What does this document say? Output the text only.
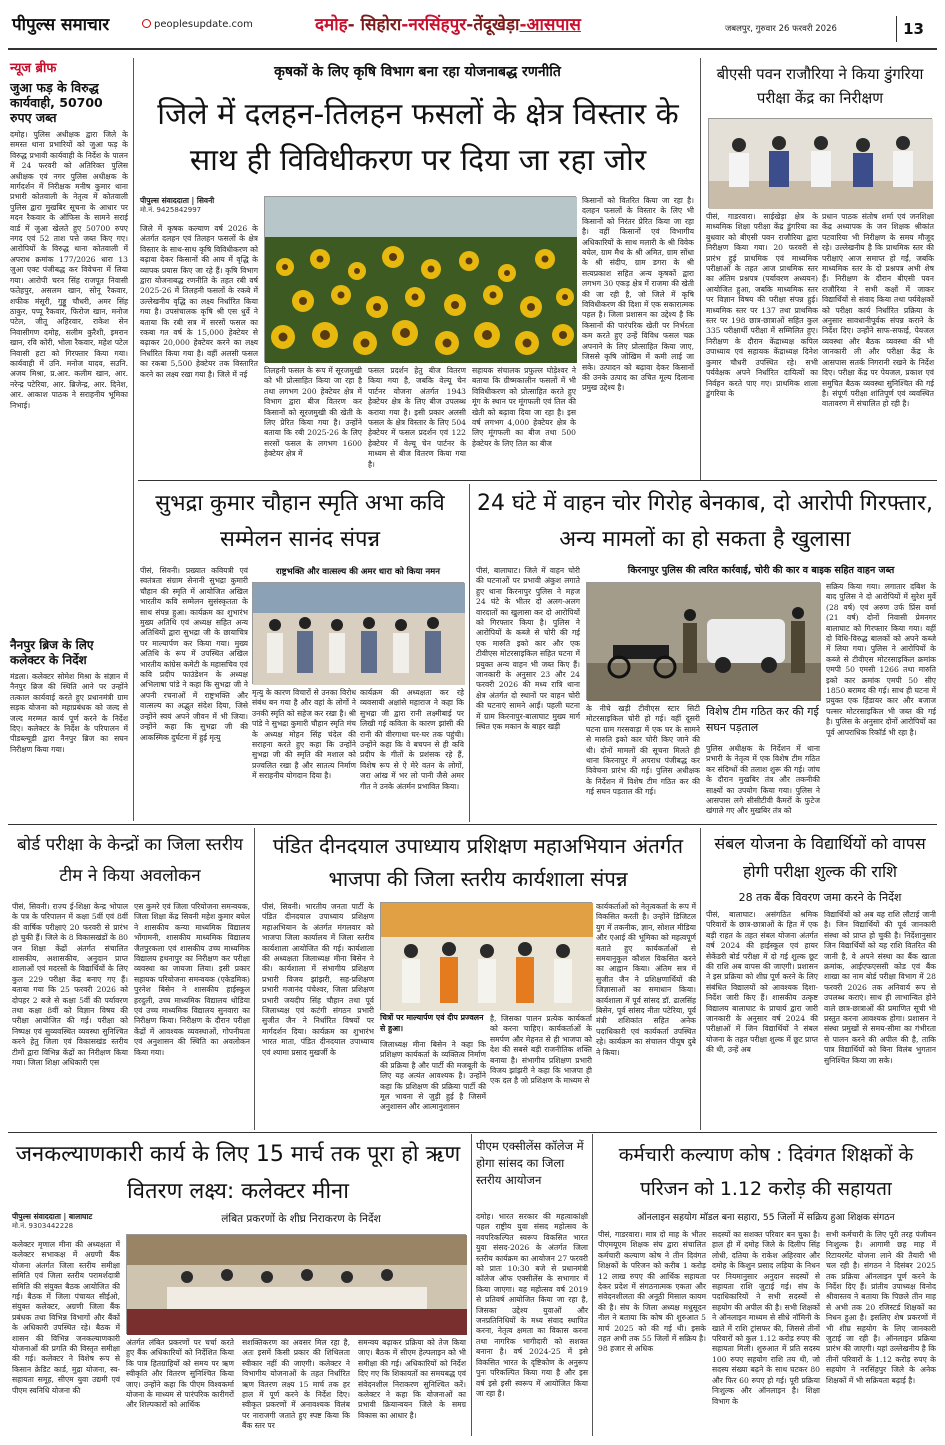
पीपुल्स समाचार	peoplesupdate.com	दमोह- सिहोरा-नरसिंहपुर-तेंदूखेड़ा-आसपास	जबलपुर, गुरुवार 26 फरवरी 2026	13
न्यूज ब्रीफ
जुआ फड़ के विरुद्ध कार्यवाही, 50700 रुपए जब्त
दमोह। पुलिस अधीक्षक द्वारा जिले के समस्त थाना प्रभारियों को जुआ फड़ के विरुद्ध प्रभावी कार्यवाही के निर्देश के पालन में 24 फरवरी को अतिरिक्त पुलिस अधीक्षक एवं नगर पुलिस अधीक्षक के मार्गदर्शन में निरीक्षक मनीष कुमार थाना प्रभारी कोतवाली के नेतृत्व में कोतवाली पुलिस द्वारा मुखबिर सूचना के आधार पर मदन रैकवार के ऑफिस के सामने सराई वार्ड में जुआ खेलते हुए 50700 रुपए नगद एवं 52 ताश पत्ते जब्त किए गए। आरोपियों के विरुद्ध थाना कोतवाली में अपराध क्रमांक 177/2026 धारा 13 जुआ एक्ट पंजीबद्ध कर विवेचना में लिया गया। आरोपी चरन सिंह राजपूत निवासी फतेहपुर, असलम खान, सोनू रैकवार, शफीक मंसूरी, गुड्डू चौधरी, अमर सिंह ठाकुर, पप्पू रैकवार, फिरोज खान, मनोज पटेल, जीतू अहिरवार, राकेश सेन निवासीगण दमोह, सलीम कुरैशी, इमरान खान, रवि कोरी, भोला रैकवार, महेश पटेल निवासी हटा को गिरफ्तार किया गया। कार्यवाही में उनि. मनोज यादव, सउनि. अजय मिश्रा, प्र.आर. कलीम खान, आर. नरेन्द्र पटेरिया, आर. ब्रिजेन्द्र, आर. दिनेश, आर. आकाश पाठक ने सराहनीय भूमिका निभाई।
नैनपुर ब्रिज के लिए कलेक्टर के निर्देश
मंडला। कलेक्टर सोमेश मिश्रा के संज्ञान में नैनपुर ब्रिज की स्थिति आने पर उन्होंने तत्काल कार्यवाई करते हुए प्रधानमंत्री ग्राम सड़क योजना को महाप्रबंधक को जल्द से जल्द मरम्मत कार्य पूर्ण करने के निर्देश दिए। कलेक्टर के निर्देश के परिपालन में पीडब्ल्यूडी द्वारा नैनपुर ब्रिज का सघन निरीक्षण किया गया।
कृषकों के लिए कृषि विभाग बना रहा योजनाबद्ध रणनीति
जिले में दलहन-तिलहन फसलों के क्षेत्र विस्तार के साथ ही विविधीकरण पर दिया जा रहा जोर
पीपुल्स संवाददाता | सिवनी
मो.नं. 9425842997
जिले में कृषक कल्याण वर्ष 2026 के अंतर्गत दलहन एवं तिलहन फसलों के क्षेत्र विस्तार के साथ-साथ कृषि विविधीकरण को बढ़ावा देकर किसानों की आय में वृद्धि के व्यापक प्रयास किए जा रहे हैं। कृषि विभाग द्वारा योजनाबद्ध रणनीति के तहत रबी वर्ष 2025-26 में तिलहनी फसलों के रकबे में उल्लेखनीय वृद्धि का लक्ष्य निर्धारित किया गया है। उपसंचालक कृषि श्री एस धुर्वे ने बताया कि रबी सत्र में सरसों फसल का रकबा गत वर्ष के 15,000 हेक्टेयर से बढ़ाकर 20,000 हेक्टेयर करने का लक्ष्य निर्धारित किया गया है। वहीं अलसी फसल का रकबा 5,500 हेक्टेयर तक विस्तारित करने का लक्ष्य रखा गया है। जिले में नई	तिलहनी फसल के रूप में सूरजमुखी को भी प्रोत्साहित किया जा रहा है तथा लगभग 200 हेक्टेयर क्षेत्र में विभाग द्वारा बीज वितरण कर किसानों को सूरजमुखी की खेती के लिए प्रेरित किया गया है। उन्होंने बताया कि रबी 2025-26 के लिए सरसों फसल के लगभग 1600 हेक्टेयर क्षेत्र में
फसल प्रदर्शन हेतु बीज वितरण किया गया है, जबकि वेल्यू चेन पार्टनर योजना अंतर्गत 1943 हेक्टेयर क्षेत्र के लिए बीज उपलब्ध कराया गया है। इसी प्रकार अलसी फसल के क्षेत्र विस्तार के लिए 504 हेक्टेयर में फसल प्रदर्शन एवं 122 हेक्टेयर में वेल्यू चेन पार्टनर के माध्यम से बीज वितरण किया गया है।
सहायक संचालक प्रफुल्ल घोड़ेश्वर ने बताया कि ग्रीष्मकालीन फसलों में भी विविधीकरण को प्रोत्साहित करते हुए मूंग के स्थान पर मूंगफली एवं तिल की खेती को बढ़ावा दिया जा रहा है। इस वर्ष लगभग 4,000 हेक्टेयर क्षेत्र के लिए मूंगफली का बीज तथा 500 हेक्टेयर के लिए तिल का बीज
किसानों को वितरित किया जा रहा है। दलहन फसलों के विस्तार के लिए भी किसानों को निरंतर प्रेरित किया जा रहा है। वहीं किसानों एवं विभागीय अधिकारियों के साथ मलारी के श्री विवेक बघेल, ग्राम मैथ के श्री अमित, ग्राम सोंधा के श्री संदीप, ग्राम डगरा के श्री सत्यप्रकाश सहित अन्य कृषकों द्वारा लगभग 30 एकड़ क्षेत्र में राजमा की खेती की जा रही है, जो जिले में कृषि विविधीकरण की दिशा में एक सकारात्मक पहल है। जिला प्रशासन का उद्देश्य है कि किसानों की पारंपरिक खेती पर निर्भरता कम करते हुए उन्हें विविध फसल चक्र अपनाने के लिए प्रोत्साहित किया जाए, जिससे कृषि जोखिम में कमी लाई जा सके। उत्पादन को बढ़ावा देकर किसानों की उनके उत्पाद का उचित मूल्य दिलाना प्रमुख उद्देश्य है।
बीएसी पवन राजौरिया ने किया डुंगरिया परीक्षा केंद्र का निरीक्षण
पीसं, गाडरवारा। साईखेड़ा क्षेत्र के माध्यमिक शिक्षा परीक्षा केंद्र डुंगरिया का बुधवार को बीएसी पवन राजौरिया द्वारा निरीक्षण किया गया। 20 फरवरी से प्रारंभ हुई प्राथमिक एवं माध्यमिक परीक्षाओं के तहत आज प्राथमिक स्तर का अंतिम प्रश्नपत्र (पर्यावरण अध्ययन) आयोजित हुआ, जबकि माध्यमिक स्तर पर विज्ञान विषय की परीक्षा संपन्न हुई। माध्यमिक स्तर पर 137 तथा प्राथमिक स्तर पर 198 छात्र-छात्राओं सहित कुल 335 परीक्षार्थी परीक्षा में सम्मिलित हुए। निरीक्षण के दौरान केंद्राध्यक्ष कपिल उपाध्याय एवं सहायक केंद्राध्यक्ष दिनेश कुमार चौधरी उपस्थित रहे। सभी पर्यवेक्षक अपने निर्धारित दायित्वों का निर्वहन करते पाए गए। प्राथमिक शाला डुंगरिया के
प्रधान पाठक संतोष शर्मा एवं जनशिक्षा केंद्र अध्यापक के जन शिक्षक श्रीकांत पटवारिया भी निरीक्षण के समय मौजूद रहे। उल्लेखनीय है कि प्राथमिक स्तर की परीक्षाएं आज समाप्त हो गईं, जबकि माध्यमिक स्तर के दो प्रश्नपत्र अभी शेष हैं। निरीक्षण के दौरान बीएसी पवन राजौरिया ने सभी कक्षों में जाकर विद्यार्थियों से संवाद किया तथा पर्यवेक्षकों को परीक्षा कार्य निर्धारित प्रक्रिया के अनुसार सावधानीपूर्वक संपन्न कराने के निर्देश दिए। उन्होंने साफ-सफाई, पेयजल व्यवस्था और बैठक व्यवस्था की भी जानकारी ली और परीक्षा केंद्र के आसपास सतर्क निगरानी रखने के निर्देश दिए। परीक्षा केंद्र पर पेयजल, प्रकाश एवं समुचित बैठक व्यवस्था सुनिश्चित की गई है। संपूर्ण परीक्षा शांतिपूर्ण एवं व्यवस्थित वातावरण में संचालित हो रही है।
सुभद्रा कुमार चौहान स्मृति अभा कवि सम्मेलन सानंद संपन्न
पीसं, सिवनी। प्रख्यात कवियत्री एवं स्वतंत्रता संग्राम सेनानी सुभद्रा कुमारी चौहान की स्मृति में आयोजित अखिल भारतीय कवि सम्मेलन सुसंस्कृतता के साथ संपन्न हुआ। कार्यक्रम का शुभारंभ मुख्य अतिथि एवं अध्यक्ष सहित अन्य अतिथियों द्वारा सुभद्रा जी के छायाचित्र पर माल्यार्पण कर किया गया। मुख्य अतिथि के रूप में उपस्थित अखिल भारतीय कांग्रेस कमेटी के महासचिव एवं कवि प्रदीप फाउंडेशन के अध्यक्ष अभिलाषा पांडे ने कहा कि सुभद्रा जी ने अपनी रचनाओं में राष्ट्रभक्ति और वात्सल्य का अद्भुत संदेश दिया, जिसे उन्होंने स्वयं अपने जीवन में भी जिया। उन्होंने कहा कि सुभद्रा जी की आकस्मिक दुर्घटना में हुई मृत्यु
राष्ट्रभक्ति और वात्सल्य की अमर धारा को किया नमन
मृत्यु के कारण विचारों से उनका विरोध संबंध बन गया है और वहां के लोगों ने उनकी स्मृति को सहेज कर रखा है। श्री पांडे ने सुभद्रा कुमारी चौहान स्मृति मंच के अध्यक्ष मोहन सिंह चंदेल की सराहना करते हुए कहा कि उन्होंने सुभद्रा जी की स्मृति की मशाल को प्रज्वलित रखा है और सातत्य निर्माण में सराहनीय योगदान दिया है।
कार्यक्रम की अध्यक्षता कर रहे व्यवसायी अक्षांसे महाराज ने कहा कि सुभद्रा जी द्वारा रानी लक्ष्मीबाई पर लिखी गई कविता के कारण झांसी की रानी की वीरगाथा घर-घर तक पहुंची। उन्होंने कहा कि वे बचपन से ही कवि प्रदीप के गीतों के प्रशंसक रहे हैं, विशेष रूप से ऐ मेरे वतन के लोगों, जरा आंख में भर लो पानी जैसे अमर गीत ने उनके अंतर्मन प्रभावित किया।
24 घंटे में वाहन चोर गिरोह बेनकाब, दो आरोपी गिरफ्तार, अन्य मामलों का हो सकता है खुलासा
किरनापुर पुलिस की त्वरित कार्रवाई, चोरी की कार व बाइक सहित वाहन जब्त
पीसं, बालाघाट। जिले में वाहन चोरी की घटनाओं पर प्रभावी अंकुश लगाते हुए थाना किरनापुर पुलिस ने महज 24 घंटे के भीतर दो अलग-अलग वारदातों का खुलासा कर दो आरोपियों को गिरफ्तार किया है। पुलिस ने आरोपियों के कब्जे से चोरी की गई एक मारुति इको कार और एक टीवीएस मोटरसाइकिल सहित घटना में प्रयुक्त अन्य वाहन भी जब्त किए हैं। जानकारी के अनुसार 23 और 24 फरवरी 2026 की मध्य रात्रि थाना क्षेत्र अंतर्गत दो स्थानों पर वाहन चोरी की घटनाएं सामने आईं। पहली घटना में ग्राम किरनापुर-बालाघाट मुख्य मार्ग स्थित एक मकान के बाहर खड़ी
के नीचे खड़ी टीवीएस स्टार सिटी मोटरसाइकिल चोरी हो गई। वहीं दूसरी घटना ग्राम गरसवाड़ा में एक घर के सामने से मारुति इको कार चोरी किए जाने की थी। दोनों मामलों की सूचना मिलते ही थाना किरनापुर में अपराध पंजीबद्ध कर विवेचना प्रारंभ की गई। पुलिस अधीक्षक के निर्देशन में विशेष टीम गठित कर की गई सघन पड़ताल की गई।
विशेष टीम गठित कर की गई सघन पड़ताल
पुलिस अधीक्षक के निर्देशन में थाना प्रभारी के नेतृत्व में एक विशेष टीम गठित कर संदिग्धों की तलाश शुरू की गई। जांच के दौरान मुखबिर तंत्र और तकनीकी साक्ष्यों का उपयोग किया गया। पुलिस ने आसपास लगे सीसीटीवी कैमरों के फुटेज खंगाले गए और मुखबिर तंत्र को
सक्रिय किया गया। लगातार दबिश के बाद पुलिस ने दो आरोपियों में सुरेश मुर्वे (28 वर्ष) एवं अरुण उर्फ प्रिंस वर्मा (21 वर्ष) दोनों निवासी प्रेमनगर बालाघाट को गिरफ्तार किया गया। वहीं दो विधि-विरुद्ध बालकों को अपने कब्जे में लिया गया। पुलिस ने आरोपियों के कब्जे से टीवीएस मोटरसाइकिल क्रमांक एमपी 50 एमसी 1266 तथा मारुति इको कार क्रमांक एमपी 50 सीए 1850 बरामद की गई। साथ ही घटना में प्रयुक्त एक हिंडायर कार और बजाज पल्सर मोटरसाइकिल भी जब्त की गई है। पुलिस के अनुसार दोनों आरोपियों का पूर्व आपराधिक रिकॉर्ड भी रहा है।
बोर्ड परीक्षा के केन्द्रों का जिला स्तरीय टीम ने किया अवलोकन
पीसं, सिवनी। राज्य ई-शिक्षा केन्द्र भोपाल के पत्र के परिपालन में कक्षा 5वीं एवं 8वीं की वार्षिक परीक्षाएं 20 फरवरी से प्रारंभ हो चुकी हैं। जिले के 8 विकासखंडों के 80 जन शिक्षा केंद्रों अंतर्गत संचालित शासकीय, अशासकीय, अनुदान प्राप्त शालाओं एवं मदरसों के विद्यार्थियों के लिए कुल 229 परीक्षा केंद्र बनाए गए हैं। बताया गया कि 25 फरवरी 2026 को दोपहर 2 बजे से कक्षा 5वीं की पर्यावरण तथा कक्षा 8वीं को विज्ञान विषय की परीक्षा आयोजित की गई। परीक्षा को निष्पक्ष एवं सुव्यवस्थित व्यवस्था सुनिश्चित करने हेतु जिला एवं विकासखंड स्तरीय टीमों द्वारा विभिन्न केंद्रों का निरीक्षण किया गया। जिला शिक्षा अधिकारी एस
एस कुमरे एवं जिला परियोजना समन्वयक, जिला शिक्षा केंद्र सिवनी महेश कुमार बघेल ने शासकीय कन्या माध्यमिक विद्यालय भोंगामनी, शासकीय माध्यमिक विद्यालय जैतपुरकला एवं शासकीय उच्च माध्यमिक विद्यालय हथनापुर का निरीक्षण कर परीक्षा व्यवस्था का जायजा लिया। इसी प्रकार सहायक परियोजना समन्वयक (एकेडमिक) पुरनेश बिसेन ने शासकीय हाईस्कूल हरदुली, उच्च माध्यमिक विद्यालय थोडिया एवं उच्च माध्यमिक विद्यालय सुनवारा का निरीक्षण किया। निरीक्षण के दौरान परीक्षा केंद्रों में आवश्यक व्यवस्थाओं, गोपनीयता एवं अनुशासन की स्थिति का अवलोकन किया गया।
पंडित दीनदयाल उपाध्याय प्रशिक्षण महाअभियान अंतर्गत भाजपा की जिला स्तरीय कार्यशाला संपन्न
पीसं, सिवनी। भारतीय जनता पार्टी के पंडित दीनदयाल उपाध्याय प्रशिक्षण महाअभियान के अंतर्गत मंगलवार को भाजपा जिला कार्यालय में जिला स्तरीय कार्यशाला आयोजित की गई। कार्यशाला की अध्यक्षता जिलाध्यक्ष मीना बिसेन ने की। कार्यशाला में संभागीय प्रशिक्षण प्रभारी विजय झांझरी, सह-प्रशिक्षण प्रभारी गजानंद पंचेश्वर, जिला प्रशिक्षण प्रभारी जयदीप सिंह चौहान तथा पूर्व जिलाध्यक्ष एवं कटंगी संगठन प्रभारी सुजीत जैन ने निर्धारित विषयों पर मार्गदर्शन दिया। कार्यक्रम का शुभारंभ भारत माता, पंडित दीनदयाल उपाध्याय एवं श्यामा प्रसाद मुखर्जी के
चित्रों पर माल्यार्पण एवं दीप प्रज्वलन से हुआ।
जिलाध्यक्ष मीना बिसेन ने कहा कि प्रशिक्षण कार्यकर्ता के व्यक्तित्व निर्माण की प्रक्रिया है और पार्टी की मजबूती के लिए यह अत्यंत आवश्यक है। उन्होंने कहा कि प्रशिक्षण की प्रक्रिया पार्टी की मूल भावना से जुड़ी हुई है जिसमें अनुशासन और आत्मानुशासन
है, जिसका पालन प्रत्येक कार्यकर्ता को करना चाहिए। कार्यकर्ताओं के समर्पण और मेहनत से ही भाजपा को देश की सबसे बड़ी राजनीतिक शक्ति बनाया है। संभागीय प्रशिक्षण प्रभारी विजय झांझरी ने कहा कि भाजपा ही एक दल है जो प्रशिक्षण के माध्यम से
कार्यकर्ताओं को नेतृत्वकर्ता के रूप में विकसित करती है। उन्होंने डिजिटल युग में तकनीक, ज्ञान, सोशल मीडिया और एआई की भूमिका को महत्वपूर्ण बताते हुए कार्यकर्ताओं से समयानुकूल कौशल विकसित करने का आह्वान किया। अंतिम सत्र में सुजीत जैन ने प्रशिक्षणार्थियों की जिज्ञासाओं का समाधान किया। कार्यशाला में पूर्व सांसद डॉ. ढालसिंह बिसेन, पूर्व सांसद नीता पटेरिया, पूर्व मंत्री शशिकांत सहित अनेक पदाधिकारी एवं कार्यकर्ता उपस्थित रहे। कार्यक्रम का संचालन पीयूष दुबे ने किया।
संबल योजना के विद्यार्थियों को वापस होगी परीक्षा शुल्क की राशि
28 तक बैंक विवरण जमा करने के निर्देश
पीसं, बालाघाट। असंगठित श्रमिक परिवारों के छात्र-छात्राओं के हित में एक बड़ी राहत के तहत संबल योजना अंतर्गत वर्ष 2024 की हाईस्कूल एवं हायर सेकेंडरी बोर्ड परीक्षा में दो गई शुल्क छूट की राशि अब वापस की जाएगी। प्रशासन ने इस प्रक्रिया को शीघ्र पूर्ण करने के लिए संबंधित विद्यालयों को आवश्यक दिशा-निर्देश जारी किए हैं। शासकीय उत्कृष्ट विद्यालय बालाघाट के प्राचार्य द्वारा जारी जानकारी के अनुसार वर्ष 2024 की परीक्षाओं में जिन विद्यार्थियों ने संबल योजना के तहत परीक्षा शुल्क में छूट प्राप्त की थी, उन्हें अब
विद्यार्थियों को अब यह राशि लौटाई जानी है। जिन विद्यार्थियों की पूर्व जानकारी संस्था को प्राप्त हो चुकी है। निर्देशानुसार जिन विद्यार्थियों को यह राशि वितरित की जानी है, वे अपने संस्था का बैंक खाता क्रमांक, आईएफएससी कोड एवं बैंक शाखा का नाम बोर्ड परीक्षा विभाग में 28 फरवरी 2026 तक अनिवार्य रूप से उपलब्ध कराएं। साथ ही लाभान्वित होने वाले छात्र-छात्राओं की प्रमाणित सूची भी प्रस्तुत करना आवश्यक होगा। प्रशासन ने संस्था प्रमुखों से समय-सीमा का गंभीरता से पालन करने की अपील की है, ताकि पात्र विद्यार्थियों को बिना विलंब भुगतान सुनिश्चित किया जा सके।
जनकल्याणकारी कार्य के लिए 15 मार्च तक पूरा हो ऋण वितरण लक्ष्य: कलेक्टर मीना
पीपुल्स संवाददाता | बालाघाट
मो.नं. 9303442228
लंबित प्रकरणों के शीघ्र निराकरण के निर्देश
कलेक्टर मृणाल मीना की अध्यक्षता में कलेक्टर सभाकक्ष में अग्रणी बैंक योजना अंतर्गत जिला स्तरीय समीक्षा समिति एवं जिला स्तरीय परामर्शदात्री समिति की संयुक्त बैठक आयोजित की गई। बैठक में जिला पंचायत सीईओ, संयुक्त कलेक्टर, अग्रणी जिला बैंक प्रबंधक तथा विभिन्न विभागों और बैंकों के अधिकारी उपस्थित रहे। बैठक में शासन की विभिन्न जनकल्याणकारी योजनाओं की प्रगति की विस्तृत समीक्षा की गई। कलेक्टर ने विशेष रूप से किसान क्रेडिट कार्ड, मुद्रा योजना, स्व-सहायता समूह, सीएम युवा उद्यमी एवं पीएम स्वनिधि योजना की
अंतर्गत लंबित प्रकरणों पर चर्चा करते हुए बैंक अधिकारियों को निर्देशित किया कि पात्र हितग्राहियों को समय पर ऋण स्वीकृति और वितरण सुनिश्चित किया जाए। उन्होंने कहा कि पीएम विश्वकर्मा योजना के माध्यम से पारंपरिक कारीगरों और शिल्पकारों को आर्थिक
सशक्तिकरण का अवसर मिल रहा है, अतः इसमें किसी प्रकार की शिथिलता स्वीकार नहीं की जाएगी। कलेक्टर ने विभागीय योजनाओं के तहत निर्धारित ऋण वितरण लक्ष्य 15 मार्च तक हर हाल में पूर्ण करने के निर्देश दिए। स्वीकृत प्रकरणों में अनावश्यक विलंब पर नाराजगी जताते हुए स्पष्ट किया कि बैंक स्तर पर
समन्वय बढ़ाकर प्रक्रिया को तेज किया जाए। बैठक में सीएम हेल्पलाइन को भी समीक्षा की गई। अधिकारियों को निर्देश दिए गए कि शिकायतों का समयबद्ध एवं संवेदनशील निराकरण सुनिश्चित करें। कलेक्टर ने कहा कि योजनाओं का प्रभावी क्रियान्वयन जिले के समग्र विकास का आधार है।
पीएम एक्सीलेंस कॉलेज में होगा सांसद का जिला स्तरीय आयोजन
दमोह। भारत सरकार की महत्वाकांक्षी पहल राष्ट्रीय युवा संसद महोत्सव के नवपरिकल्पित स्वरूप विकसित भारत युवा संसद-2026 के अंतर्गत जिला स्तरीय कार्यक्रम का आयोजन 27 फरवरी को प्रातः 10:30 बजे से प्रधानमंत्री कॉलेज ऑफ एक्सीलेंस के सभागार में किया जाएगा। यह महोत्सव वर्ष 2019 से प्रतिवर्ष आयोजित किया जा रहा है, जिसका उद्देश्य युवाओं और जनप्रतिनिधियों के मध्य संवाद स्थापित करना, नेतृत्व क्षमता का विकास करना तथा नागरिक भागीदारी को सशक्त बनाना है। वर्ष 2024-25 में इसे विकसित भारत के दृष्टिकोण के अनुरूप पुनः परिकल्पित किया गया है और इस वर्ष इसे इसी स्वरूप में आयोजित किया जा रहा है।
कर्मचारी कल्याण कोष : दिवंगत शिक्षकों के परिजन को 1.12 करोड़ की सहायता
ऑनलाइन सहयोग मॉडल बना सहारा, 55 जिलों में सक्रिय हुआ शिक्षक संगठन
पीसं, गाडरवारा। मात्र दो माह के भीतर पीएमयूएम शिक्षक संघ द्वारा संचालित कर्मचारी कल्याण कोष ने तीन दिवंगत शिक्षकों के परिजन को करीब 1 करोड़ 12 लाख रुपए की आर्थिक सहायता देकर प्रदेश में संगठनात्मक एकता और संवेदनशीलता की अनूठी मिसाल कायम की है। संघ के जिला अध्यक्ष मधुसूदन नील ने बताया कि कोष की शुरुआत 5 मार्च 2025 को की गई थी। इसके तहत अभी तक 55 जिलों में सक्रिय है। 98 हजार से अधिक
सदस्यों का सशक्त परिवार बन चुका है। हाल ही में दमोह जिले के दिलीप सिंह लोधी, दतिया के राकेश अहिरवार और दमोह के किशुन प्रसाद लड़िया के निधन पर नियमानुसार अनुदान सदस्यों से सहायता राशि जुटाई गई। संघ के पदाधिकारियों ने सभी सदस्यों से सहयोग की अपील की है। सभी शिक्षकों ने ऑनलाइन माध्यम से सीधे नॉमिनी के खाते में राशि ट्रांसफर की, जिससे तीनों परिवारों को कुल 1.12 करोड़ रुपए की सहायता मिली। शुरुआत में प्रति सदस्य 100 रुपए सहयोग राशि तय थी, जो सदस्य संख्या बढ़ने के साथ घटकर 80 और फिर 60 रुपए हो गई। पूरी प्रक्रिया निःशुल्क और ऑनलाइन है। शिक्षा विभाग के
सभी कर्मचारी के लिए पूरी तरह पंजीयन निःशुल्क है। आगामी छह माह में रिटायरमेंट योजना लाने की तैयारी भी चल रही है। संगठन ने दिसंबर 2025 तक प्रक्रिया ऑनलाइन पूर्ण करने के निर्देश दिए हैं। प्रांतीय उपाध्यक्ष विनोद श्रीवास्तव ने बताया कि पिछले तीन माह से अभी तक 20 रजिस्टर्ड शिक्षकों का निधन हुआ है। इसलिए शेष प्रकरणों में भी शीघ्र सहयोग के लिए जानकारी जुटाई जा रही है। ऑनलाइन प्रक्रिया प्रारंभ की जाएगी। यहां उल्लेखनीय है कि तीनों परिवारों के 1.12 करोड़ रुपए के सहयोग ने नरसिंहपुर जिले के अनेक शिक्षकों में भी सक्रियता बढ़ाई है।
